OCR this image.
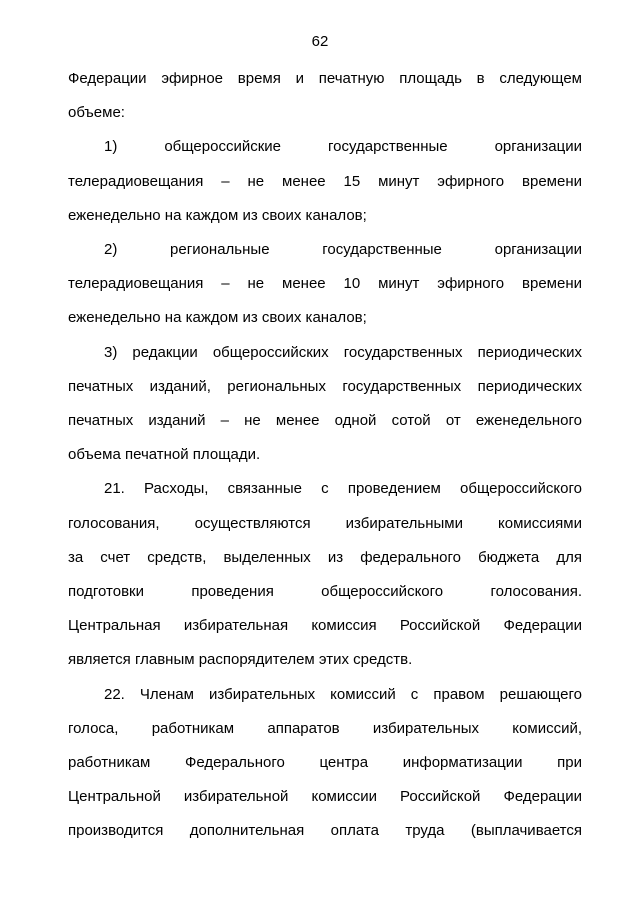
62
Федерации эфирное время и печатную площадь в следующем
объеме:
1) общероссийские государственные организации
телерадиовещания – не менее 15 минут эфирного времени
еженедельно на каждом из своих каналов;
2) региональные государственные организации
телерадиовещания – не менее 10 минут эфирного времени
еженедельно на каждом из своих каналов;
3) редакции общероссийских государственных периодических
печатных изданий, региональных государственных периодических
печатных изданий – не менее одной сотой от еженедельного
объема печатной площади.
21. Расходы, связанные с проведением общероссийского
голосования, осуществляются избирательными комиссиями
за счет средств, выделенных из федерального бюджета для
подготовки проведения общероссийского голосования.
Центральная избирательная комиссия Российской Федерации
является главным распорядителем этих средств.
22. Членам избирательных комиссий с правом решающего
голоса, работникам аппаратов избирательных комиссий,
работникам Федерального центра информатизации при
Центральной избирательной комиссии Российской Федерации
производится дополнительная оплата труда (выплачивается
